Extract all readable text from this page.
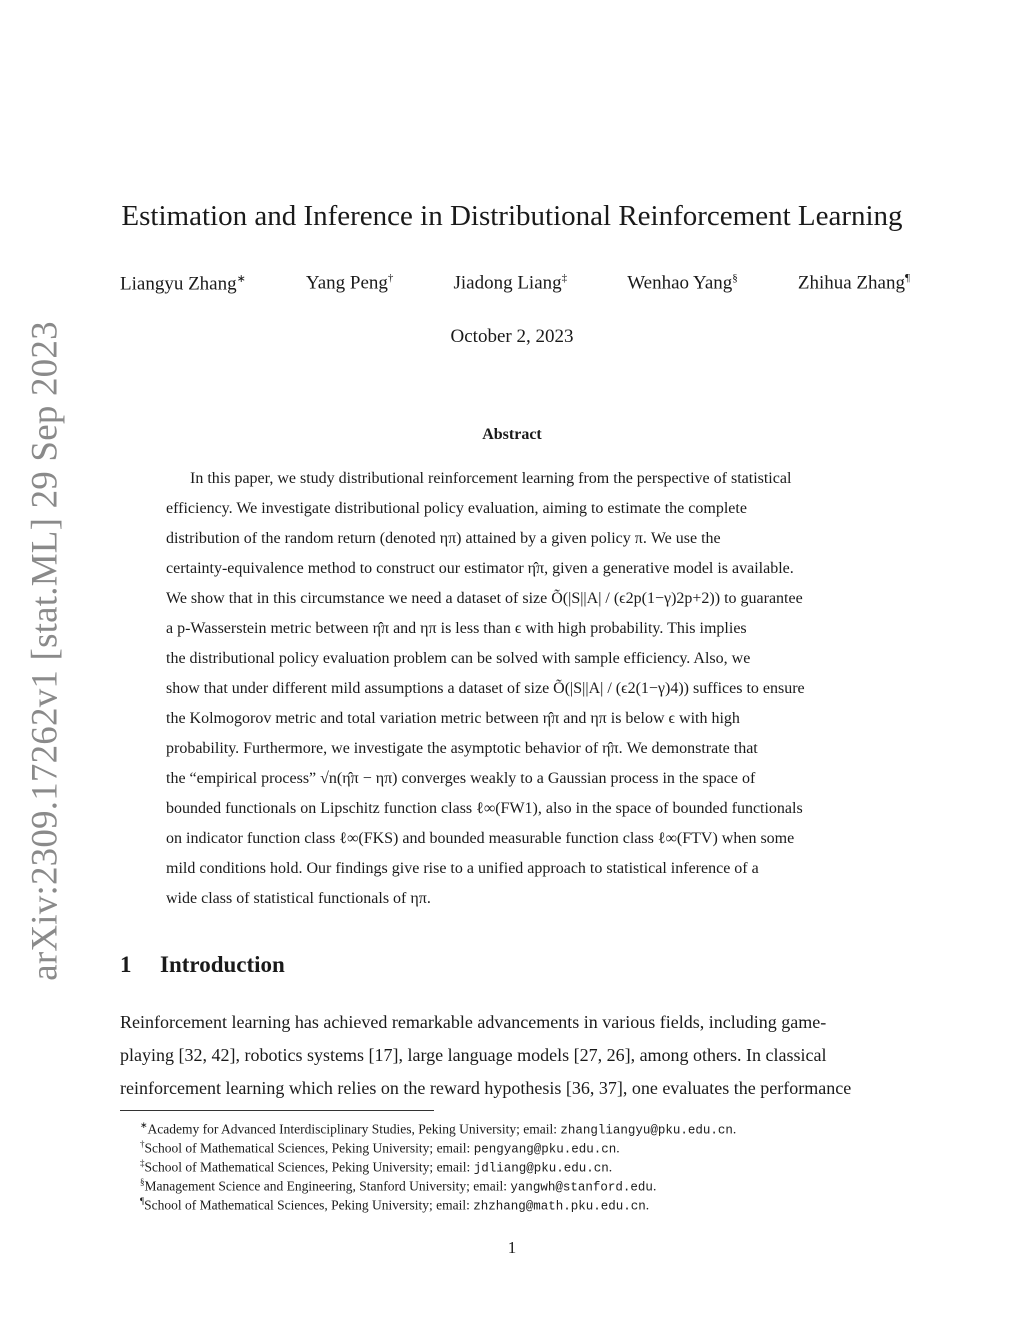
arXiv:2309.17262v1 [stat.ML] 29 Sep 2023
Estimation and Inference in Distributional Reinforcement Learning
Liangyu Zhang∗	Yang Peng†	Jiadong Liang‡	Wenhao Yang§	Zhihua Zhang¶
October 2, 2023
Abstract
In this paper, we study distributional reinforcement learning from the perspective of statistical
efficiency. We investigate distributional policy evaluation, aiming to estimate the complete
distribution of the random return (denoted ηπ) attained by a given policy π. We use the
certainty-equivalence method to construct our estimator η̂π, given a generative model is available.
We show that in this circumstance we need a dataset of size Õ(|S||A| / (ϵ2p(1−γ)2p+2)) to guarantee
a p-Wasserstein metric between η̂π and ηπ is less than ϵ with high probability. This implies
the distributional policy evaluation problem can be solved with sample efficiency. Also, we
show that under different mild assumptions a dataset of size Õ(|S||A| / (ϵ2(1−γ)4)) suffices to ensure
the Kolmogorov metric and total variation metric between η̂π and ηπ is below ϵ with high
probability. Furthermore, we investigate the asymptotic behavior of η̂π. We demonstrate that
the “empirical process” √n(η̂π − ηπ) converges weakly to a Gaussian process in the space of
bounded functionals on Lipschitz function class ℓ∞(FW1), also in the space of bounded functionals
on indicator function class ℓ∞(FKS) and bounded measurable function class ℓ∞(FTV) when some
mild conditions hold. Our findings give rise to a unified approach to statistical inference of a
wide class of statistical functionals of ηπ.
1 Introduction
Reinforcement learning has achieved remarkable advancements in various fields, including game-
playing [32, 42], robotics systems [17], large language models [27, 26], among others. In classical
reinforcement learning which relies on the reward hypothesis [36, 37], one evaluates the performance
∗Academy for Advanced Interdisciplinary Studies, Peking University; email: zhangliangyu@pku.edu.cn.
†School of Mathematical Sciences, Peking University; email: pengyang@pku.edu.cn.
‡School of Mathematical Sciences, Peking University; email: jdliang@pku.edu.cn.
§Management Science and Engineering, Stanford University; email: yangwh@stanford.edu.
¶School of Mathematical Sciences, Peking University; email: zhzhang@math.pku.edu.cn.
1
